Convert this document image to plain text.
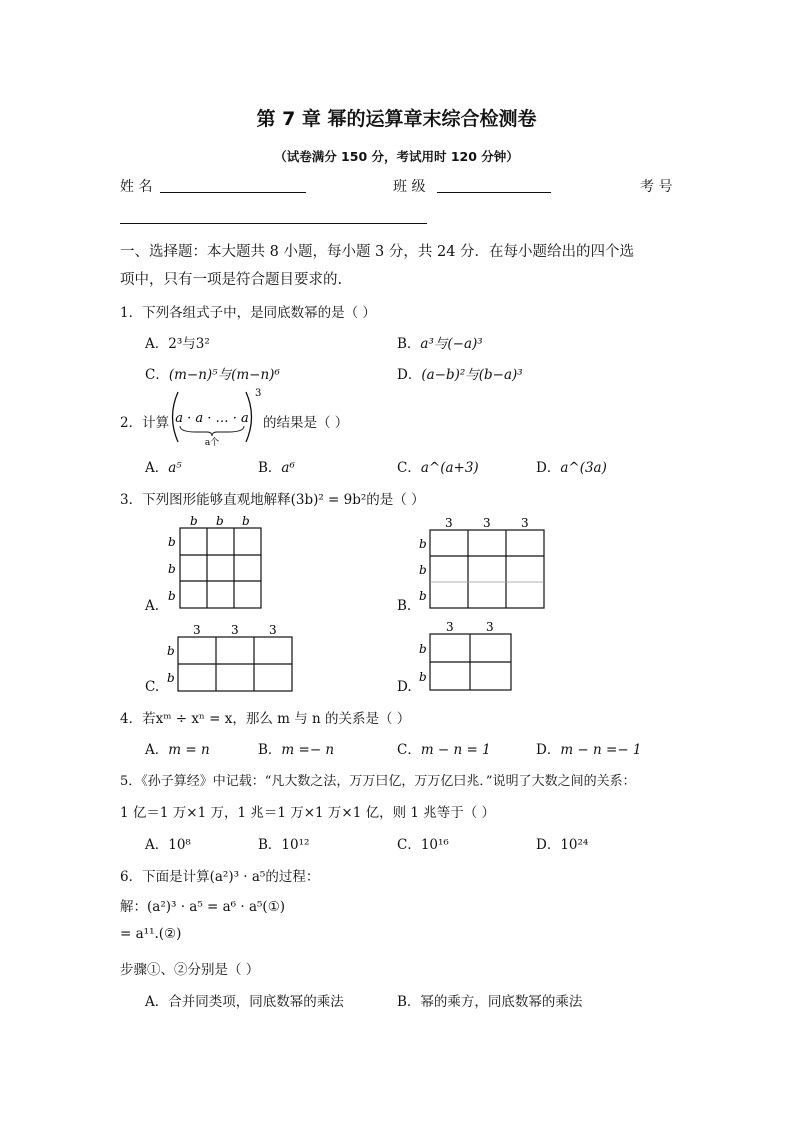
第 7 章 幂的运算章末综合检测卷
（试卷满分 150 分，考试用时 120 分钟）
姓 名	班 级	考 号
一、选择题：本大题共 8 小题，每小题 3 分，共 24 分．在每小题给出的四个选
项中，只有一项是符合题目要求的.
1．下列各组式子中，是同底数幂的是（ ）
A．2³与3²	B．a³与(−a)³
C．(m−n)⁵与(m−n)⁶	D．(a−b)²与(b−a)³
2．计算 a · a · … · a
a个
3
的结果是（ ）
A．a⁵	B．a⁶	C．a^(a+3)	D．a^(3a)
3．下列图形能够直观地解释(3b)² = 9b²的是（ ）
A.
b b b
b
b
b
B.
3	3	3
b
b
b
C.
3	3	3
b
b
D.
3	3
b
b
4．若xᵐ ÷ xⁿ = x，那么 m 与 n 的关系是（ ）
A．m = n	B．m =− n	C．m − n = 1	D．m − n =− 1
5．《孙子算经》中记载：“凡大数之法，万万曰亿，万万亿曰兆．”说明了大数之间的关系：
1 亿＝1 万×1 万，1 兆＝1 万×1 万×1 亿，则 1 兆等于（ ）
A．10⁸	B．10¹²	C．10¹⁶	D．10²⁴
6．下面是计算(a²)³ · a⁵的过程：
解：(a²)³ · a⁵ = a⁶ · a⁵(①)
= a¹¹.(②)
步骤①、②分别是（ ）
A．合并同类项，同底数幂的乘法	B．幂的乘方，同底数幂的乘法
